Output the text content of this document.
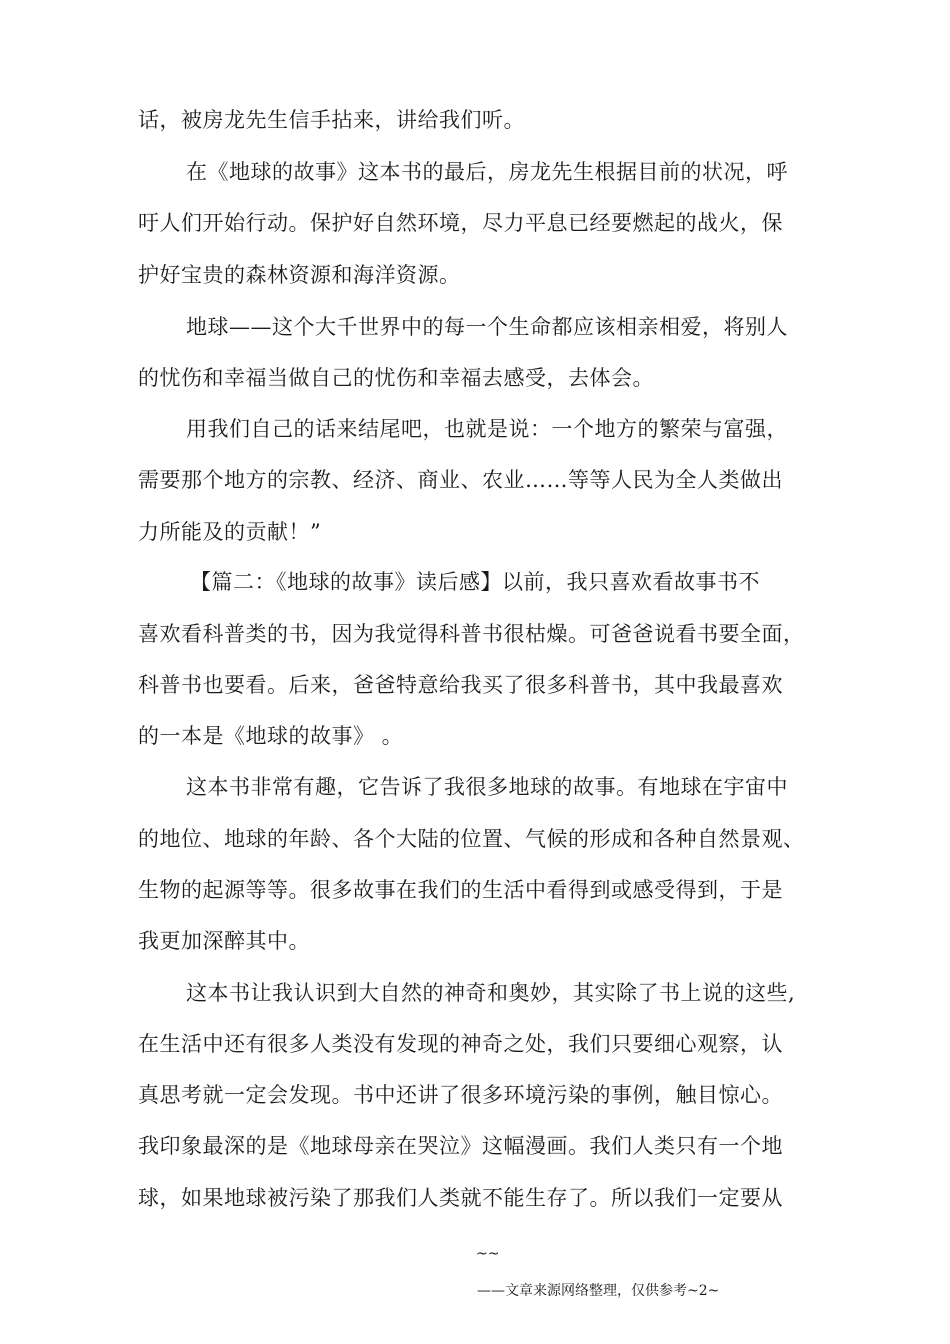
话，被房龙先生信手拈来，讲给我们听。
在《地球的故事》这本书的最后，房龙先生根据目前的状况，呼
吁人们开始行动。保护好自然环境，尽力平息已经要燃起的战火，保
护好宝贵的森林资源和海洋资源。
地球——这个大千世界中的每一个生命都应该相亲相爱，将别人
的忧伤和幸福当做自己的忧伤和幸福去感受，去体会。
用我们自己的话来结尾吧，也就是说：一个地方的繁荣与富强，
需要那个地方的宗教、经济、商业、农业……等等人民为全人类做出
力所能及的贡献！”
【篇二：《地球的故事》读后感】以前，我只喜欢看故事书不
喜欢看科普类的书，因为我觉得科普书很枯燥。可爸爸说看书要全面，
科普书也要看。后来，爸爸特意给我买了很多科普书，其中我最喜欢
的一本是《地球的故事》 。
这本书非常有趣，它告诉了我很多地球的故事。有地球在宇宙中
的地位、地球的年龄、各个大陆的位置、气候的形成和各种自然景观、
生物的起源等等。很多故事在我们的生活中看得到或感受得到，于是
我更加深醉其中。
这本书让我认识到大自然的神奇和奥妙，其实除了书上说的这些,
在生活中还有很多人类没有发现的神奇之处，我们只要细心观察，认
真思考就一定会发现。书中还讲了很多环境污染的事例，触目惊心。
我印象最深的是《地球母亲在哭泣》这幅漫画。我们人类只有一个地
球，如果地球被污染了那我们人类就不能生存了。所以我们一定要从
~~
——文章来源网络整理，仅供参考~2~
